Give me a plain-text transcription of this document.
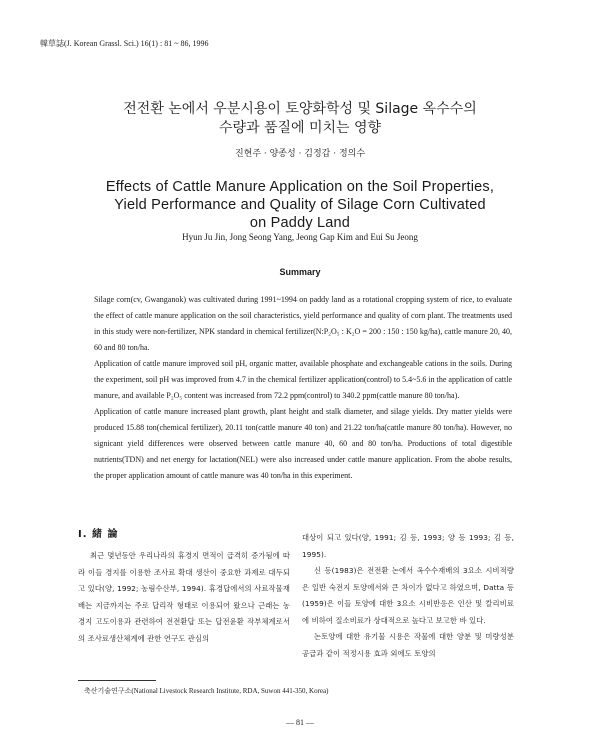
韓草誌(J. Korean Grassl. Sci.) 16(1) : 81 ~ 86, 1996
전전환 논에서 우분시용이 토양화학성 및 Silage 옥수수의
수량과 품질에 미치는 영향
진현주 · 양종성 · 김정갑 · 정의수
Effects of Cattle Manure Application on the Soil Properties,
Yield Performance and Quality of Silage Corn Cultivated
on Paddy Land
Hyun Ju Jin, Jong Seong Yang, Jeong Gap Kim and Eui Su Jeong
Summary
Silage corn(cv, Gwanganok) was cultivated during 1991~1994 on paddy land as a rotational cropping system of rice, to evaluate the effect of cattle manure application on the soil characteristics, yield performance and quality of corn plant. The treatments used in this study were non-fertilizer, NPK standard in chemical fertilizer(N:P₂O₅ : K₂O = 200 : 150 : 150 kg/ha), cattle manure 20, 40, 60 and 80 ton/ha.
Application of cattle manure improved soil pH, organic matter, available phosphate and exchangeable cations in the soils. During the experiment, soil pH was improved from 4.7 in the chemical fertilizer application(control) to 5.4~5.6 in the application of cattle manure, and available P₂O₅ content was increased from 72.2 ppm(control) to 340.2 ppm(cattle manure 80 ton/ha).
Application of cattle manure increased plant growth, plant height and stalk diameter, and silage yields. Dry matter yields were produced 15.88 ton(chemical fertilizer), 20.11 ton(cattle manure 40 ton) and 21.22 ton/ha(cattle manure 80 ton/ha). However, no signicant yield differences were observed between cattle manure 40, 60 and 80 ton/ha. Productions of total digestible nutrients(TDN) and net energy for lactation(NEL) were also increased under cattle manure application. From the abobe results, the proper application amount of cattle manure was 40 ton/ha in this experiment.
I. 緒 論

최근 몇년동안 우리나라의 휴경지 면적이 급격히 증가됨에 따라 이들 경지를 이용한 조사료 확대 생산이 중요한 과제로 대두되고 있다(양, 1992; 농림수산부, 1994). 휴경답에서의 사료작물재배는 지금까지는 주로 답리작 형태로 이용되어 왔으나 근래는 농경지 고도이용과 관련하여 전전환답 또는 답전윤환 작부체계로서의 조사료생산체계에 관한 연구도 관심의

대상이 되고 있다(양, 1991; 김 등, 1993; 양 등 1993; 김 등, 1995).

신 등(1983)은 전전환 논에서 옥수수재배의 3요소 시비적량은 일반 숙전지 토양에서와 큰 차이가 없다고 하였으며, Datta 등(1959)은 이들 토양에 대한 3요소 시비반응은 인산 및 칼리비료에 비하여 질소비료가 상대적으로 높다고 보고한 바 있다.

논토양에 대한 유기물 시용은 작물에 대한 양분 및 미량성분 공급과 같이 적정시용 효과 외에도 토양의

축산기술연구소(National Livestock Research Institute, RDA, Suwon 441-350, Korea)
— 81 —
